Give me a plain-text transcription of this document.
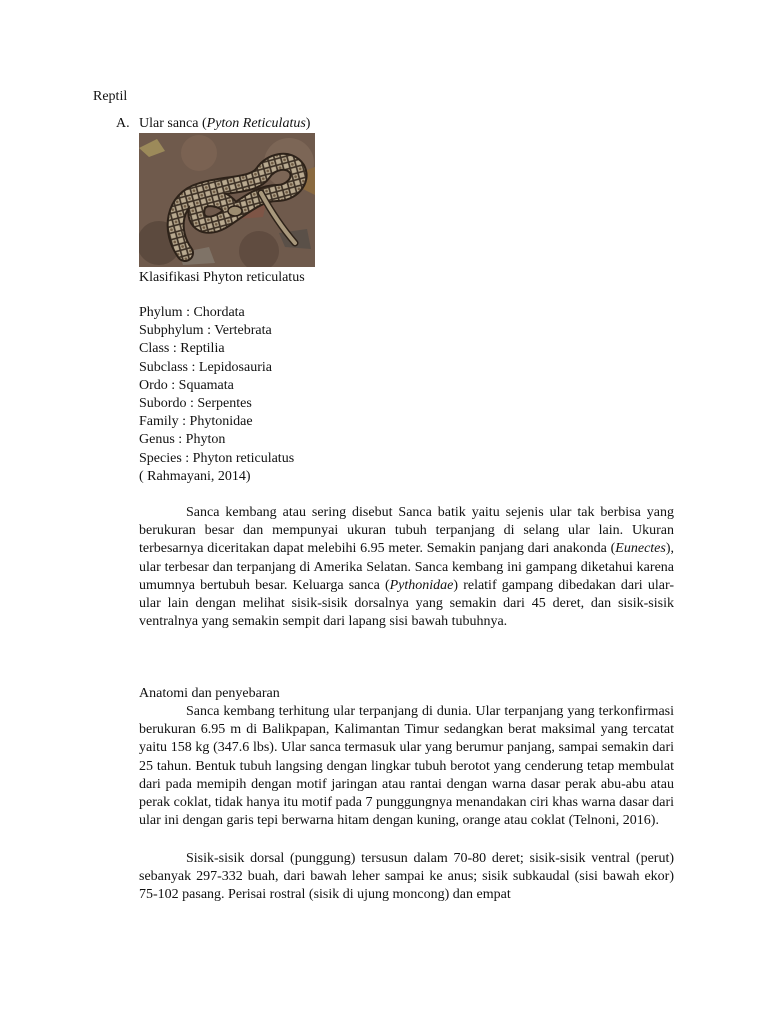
Reptil
A. Ular sanca (Pyton Reticulatus)
Klasifikasi Phyton reticulatus
Phylum : Chordata
Subphylum : Vertebrata
Class : Reptilia
Subclass : Lepidosauria
Ordo : Squamata
Subordo : Serpentes
Family : Phytonidae
Genus : Phyton
Species : Phyton reticulatus
( Rahmayani, 2014)

Sanca kembang atau sering disebut Sanca batik yaitu sejenis ular tak berbisa yang berukuran besar dan mempunyai ukuran tubuh terpanjang di selang ular lain. Ukuran terbesarnya diceritakan dapat melebihi 6.95 meter. Semakin panjang dari anakonda (Eunectes), ular terbesar dan terpanjang di Amerika Selatan. Sanca kembang ini gampang diketahui karena umumnya bertubuh besar. Keluarga sanca (Pythonidae) relatif gampang dibedakan dari ular-ular lain dengan melihat sisik-sisik dorsalnya yang semakin dari 45 deret, dan sisik-sisik ventralnya yang semakin sempit dari lapang sisi bawah tubuhnya.

Anatomi dan penyebaran

Sanca kembang terhitung ular terpanjang di dunia. Ular terpanjang yang terkonfirmasi berukuran 6.95 m di Balikpapan, Kalimantan Timur sedangkan berat maksimal yang tercatat yaitu 158 kg (347.6 lbs). Ular sanca termasuk ular yang berumur panjang, sampai semakin dari 25 tahun. Bentuk tubuh langsing dengan lingkar tubuh berotot yang cenderung tetap membulat dari pada memipih dengan motif jaringan atau rantai dengan warna dasar perak abu-abu atau perak coklat, tidak hanya itu motif pada 7 punggungnya menandakan ciri khas warna dasar dari ular ini dengan garis tepi berwarna hitam dengan kuning, orange atau coklat (Telnoni, 2016).

Sisik-sisik dorsal (punggung) tersusun dalam 70-80 deret; sisik-sisik ventral (perut) sebanyak 297-332 buah, dari bawah leher sampai ke anus; sisik subkaudal (sisi bawah ekor) 75-102 pasang. Perisai rostral (sisik di ujung moncong) dan empat
